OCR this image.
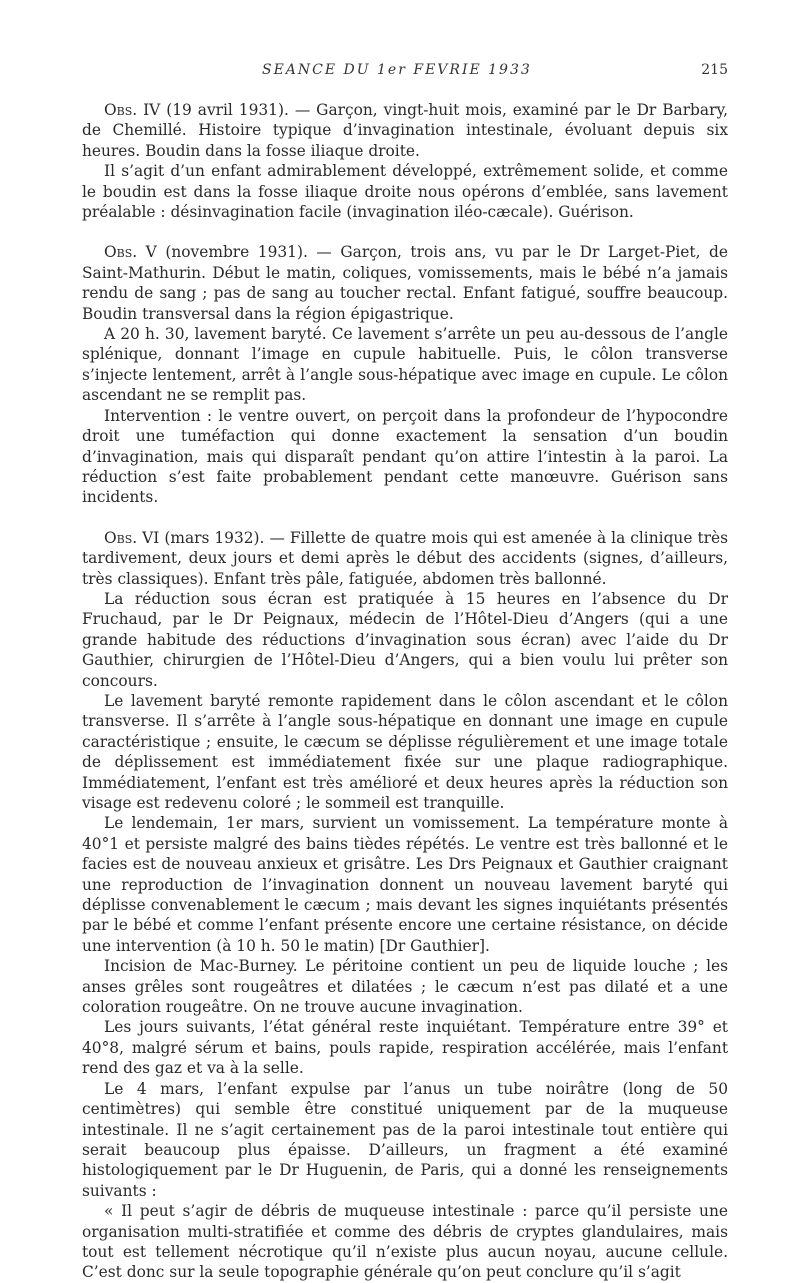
SEANCE DU 1er FEVRIE 1933	215

Obs. IV (19 avril 1931). — Garçon, vingt-huit mois, examiné par le Dr Barbary, de Chemillé. Histoire typique d’invagination intestinale, évoluant depuis six heures. Boudin dans la fosse iliaque droite.

Il s’agit d’un enfant admirablement développé, extrêmement solide, et comme le boudin est dans la fosse iliaque droite nous opérons d’emblée, sans lavement préalable : désinvagination facile (invagination iléo-cæcale). Guérison.

Obs. V (novembre 1931). — Garçon, trois ans, vu par le Dr Larget-Piet, de Saint-Mathurin. Début le matin, coliques, vomissements, mais le bébé n’a jamais rendu de sang ; pas de sang au toucher rectal. Enfant fatigué, souffre beaucoup. Boudin transversal dans la région épigastrique.

A 20 h. 30, lavement baryté. Ce lavement s’arrête un peu au-dessous de l’angle splénique, donnant l’image en cupule habituelle. Puis, le côlon transverse s’injecte lentement, arrêt à l’angle sous-hépatique avec image en cupule. Le côlon ascendant ne se remplit pas.

Intervention : le ventre ouvert, on perçoit dans la profondeur de l’hypocondre droit une tuméfaction qui donne exactement la sensation d’un boudin d’invagination, mais qui disparaît pendant qu’on attire l’intestin à la paroi. La réduction s’est faite probablement pendant cette manœuvre. Guérison sans incidents.

Obs. VI (mars 1932). — Fillette de quatre mois qui est amenée à la clinique très tardivement, deux jours et demi après le début des accidents (signes, d’ailleurs, très classiques). Enfant très pâle, fatiguée, abdomen très ballonné.

La réduction sous écran est pratiquée à 15 heures en l’absence du Dr Fruchaud, par le Dr Peignaux, médecin de l’Hôtel-Dieu d’Angers (qui a une grande habitude des réductions d’invagination sous écran) avec l’aide du Dr Gauthier, chirurgien de l’Hôtel-Dieu d’Angers, qui a bien voulu lui prêter son concours.

Le lavement baryté remonte rapidement dans le côlon ascendant et le côlon transverse. Il s’arrête à l’angle sous-hépatique en donnant une image en cupule caractéristique ; ensuite, le cæcum se déplisse régulièrement et une image totale de déplissement est immédiatement fixée sur une plaque radiographique. Immédiatement, l’enfant est très amélioré et deux heures après la réduction son visage est redevenu coloré ; le sommeil est tranquille.

Le lendemain, 1er mars, survient un vomissement. La température monte à 40°1 et persiste malgré des bains tièdes répétés. Le ventre est très ballonné et le facies est de nouveau anxieux et grisâtre. Les Drs Peignaux et Gauthier craignant une reproduction de l’invagination donnent un nouveau lavement baryté qui déplisse convenablement le cæcum ; mais devant les signes inquiétants présentés par le bébé et comme l’enfant présente encore une certaine résistance, on décide une intervention (à 10 h. 50 le matin) [Dr Gauthier].

Incision de Mac-Burney. Le péritoine contient un peu de liquide louche ; les anses grêles sont rougeâtres et dilatées ; le cæcum n’est pas dilaté et a une coloration rougeâtre. On ne trouve aucune invagination.

Les jours suivants, l’état général reste inquiétant. Température entre 39° et 40°8, malgré sérum et bains, pouls rapide, respiration accélérée, mais l’enfant rend des gaz et va à la selle.

Le 4 mars, l’enfant expulse par l’anus un tube noirâtre (long de 50 centimètres) qui semble être constitué uniquement par de la muqueuse intestinale. Il ne s’agit certainement pas de la paroi intestinale tout entière qui serait beaucoup plus épaisse. D’ailleurs, un fragment a été examiné histologiquement par le Dr Huguenin, de Paris, qui a donné les renseignements suivants :

« Il peut s’agir de débris de muqueuse intestinale : parce qu’il persiste une organisation multi-stratifiée et comme des débris de cryptes glandulaires, mais tout est tellement nécrotique qu’il n’existe plus aucun noyau, aucune cellule. C’est donc sur la seule topographie générale qu’on peut conclure qu’il s’agit
